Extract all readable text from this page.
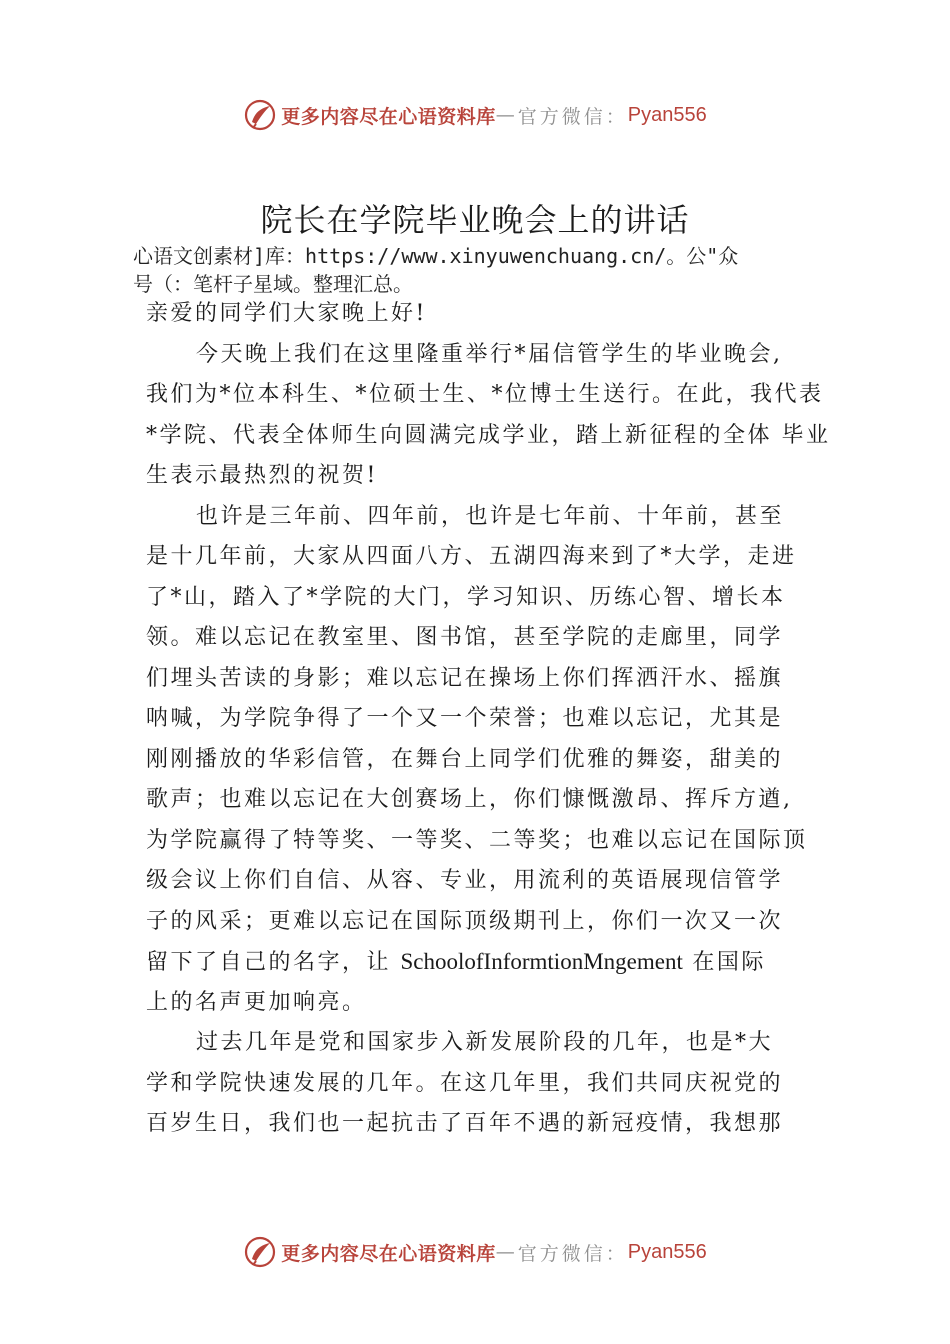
更多内容尽在心语资料库 — 官方微信： Pyan556
院长在学院毕业晚会上的讲话
心语文创素材]库：https://www.xinyuwenchuang.cn/。公"众
号（：笔杆子星域。整理汇总。
亲爱的同学们大家晚上好!
今天晚上我们在这里隆重举行*届信管学生的毕业晚会,
我们为*位本科生、*位硕士生、*位博士生送行。在此，我代表
*学院、代表全体师生向圆满完成学业，踏上新征程的全体 毕业
生表示最热烈的祝贺!
也许是三年前、四年前，也许是七年前、十年前，甚至
是十几年前，大家从四面八方、五湖四海来到了*大学，走进
了*山，踏入了*学院的大门，学习知识、历练心智、增长本
领。难以忘记在教室里、图书馆，甚至学院的走廊里，同学
们埋头苦读的身影；难以忘记在操场上你们挥洒汗水、摇旗
呐喊，为学院争得了一个又一个荣誉；也难以忘记，尤其是
刚刚播放的华彩信管，在舞台上同学们优雅的舞姿，甜美的
歌声；也难以忘记在大创赛场上，你们慷慨激昂、挥斥方遒,
为学院赢得了特等奖、一等奖、二等奖；也难以忘记在国际顶
级会议上你们自信、从容、专业，用流利的英语展现信管学
子的风采；更难以忘记在国际顶级期刊上，你们一次又一次
留下了自己的名字，让 SchoolofInformtionMngement 在国际
上的名声更加响亮。
过去几年是党和国家步入新发展阶段的几年，也是*大
学和学院快速发展的几年。在这几年里，我们共同庆祝党的
百岁生日，我们也一起抗击了百年不遇的新冠疫情，我想那
更多内容尽在心语资料库 — 官方微信： Pyan556
